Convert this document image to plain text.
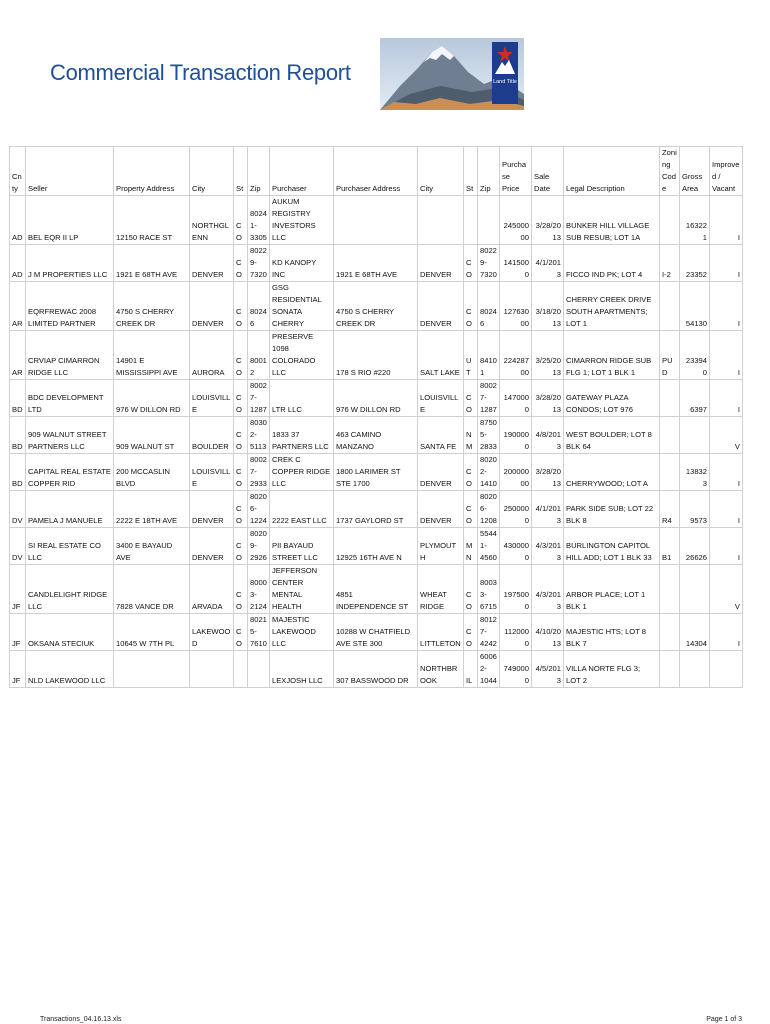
Commercial Transaction Report	Land Title
Cnty	Seller	Property Address	City	St	Zip	Purchaser	Purchaser Address	City	St	Zip	Purchase Price	Sale Date	Legal Description	Zoning Code	Gross Area	Improved / Vacant
AD	BEL EQR II LP	12150 RACE ST	NORTHGLENN	CO	80241-3305	AUKUM REGISTRY INVESTORS LLC					24500000	3/28/2013	BUNKER HILL VILLAGE SUB RESUB; LOT 1A		163221	I
AD	J M PROPERTIES LLC	1921 E 68TH AVE	DENVER	CO	80229-7320	KD KANOPY INC	1921 E 68TH AVE	DENVER	CO	80229-7320	1415000	4/1/2013	FICCO IND PK; LOT 4	I-2	23352	I
AR	EQRFREWAC 2008 LIMITED PARTNER	4750 S CHERRY CREEK DR	DENVER	CO	80246	GSG RESIDENTIAL SONATA CHERRY	4750 S CHERRY CREEK DR	DENVER	CO	80246	12763000	3/18/2013	CHERRY CREEK DRIVE SOUTH APARTMENTS; LOT 1		54130	I
AR	CRVIAP CIMARRON RIDGE LLC	14901 E MISSISSIPPI AVE	AURORA	CO	80012	PRESERVE 1098 COLORADO LLC	178 S RIO #220	SALT LAKE	UT	84101	22428700	3/25/2013	CIMARRON RIDGE SUB FLG 1; LOT 1 BLK 1	PUD	233940	I
BD	BDC DEVELOPMENT LTD	976 W DILLON RD	LOUISVILLE	CO	80027-1287	LTR LLC	976 W DILLON RD	LOUISVILLE	CO	80027-1287	1470000	3/28/2013	GATEWAY PLAZA CONDOS; LOT 976		6397	I
BD	909 WALNUT STREET PARTNERS LLC	909 WALNUT ST	BOULDER	CO	80302-5113	1833 37 PARTNERS LLC	463 CAMINO MANZANO	SANTA FE	NM	87505-2833	1900000	4/8/2013	WEST BOULDER; LOT 8 BLK 64			V
BD	CAPITAL REAL ESTATE COPPER RID	200 MCCASLIN BLVD	LOUISVILLE	CO	80027-2933	CREK C COPPER RIDGE LLC	1800 LARIMER ST STE 1700	DENVER	CO	80202-1410	20000000	3/28/2013	CHERRYWOOD; LOT A		138323	I
DV	PAMELA J MANUELE	2222 E 18TH AVE	DENVER	CO	80206-1224	2222 EAST LLC	1737 GAYLORD ST	DENVER	CO	80206-1208	2500000	4/1/2013	PARK SIDE SUB; LOT 22 BLK 8	R4	9573	I
DV	SI REAL ESTATE CO LLC	3400 E BAYAUD AVE	DENVER	CO	80209-2926	PII BAYAUD STREET LLC	12925 16TH AVE N	PLYMOUTH	MN	55441-4560	4300000	4/3/2013	BURLINGTON CAPITOL HILL ADD; LOT 1 BLK 33	B1	26626	I
JF	CANDLELIGHT RIDGE LLC	7828 VANCE DR	ARVADA	CO	80003-2124	JEFFERSON CENTER MENTAL HEALTH	4851 INDEPENDENCE ST	WHEAT RIDGE	CO	80033-6715	1975000	4/3/2013	ARBOR PLACE; LOT 1 BLK 1			V
JF	OKSANA STECIUK	10645 W 7TH PL	LAKEWOOD	CO	80215-7610	MAJESTIC LAKEWOOD LLC	10288 W CHATFIELD AVE STE 300	LITTLETON	CO	80127-4242	1120000	4/10/2013	MAJESTIC HTS; LOT 8 BLK 7		14304	I
JF	NLD LAKEWOOD LLC					LEXJOSH LLC	307 BASSWOOD DR	NORTHBROOK	IL	60062-1044	7490000	4/5/2013	VILLA NORTE FLG 3; LOT 2			
Transactions_04.16.13.xls	Page 1 of 3
